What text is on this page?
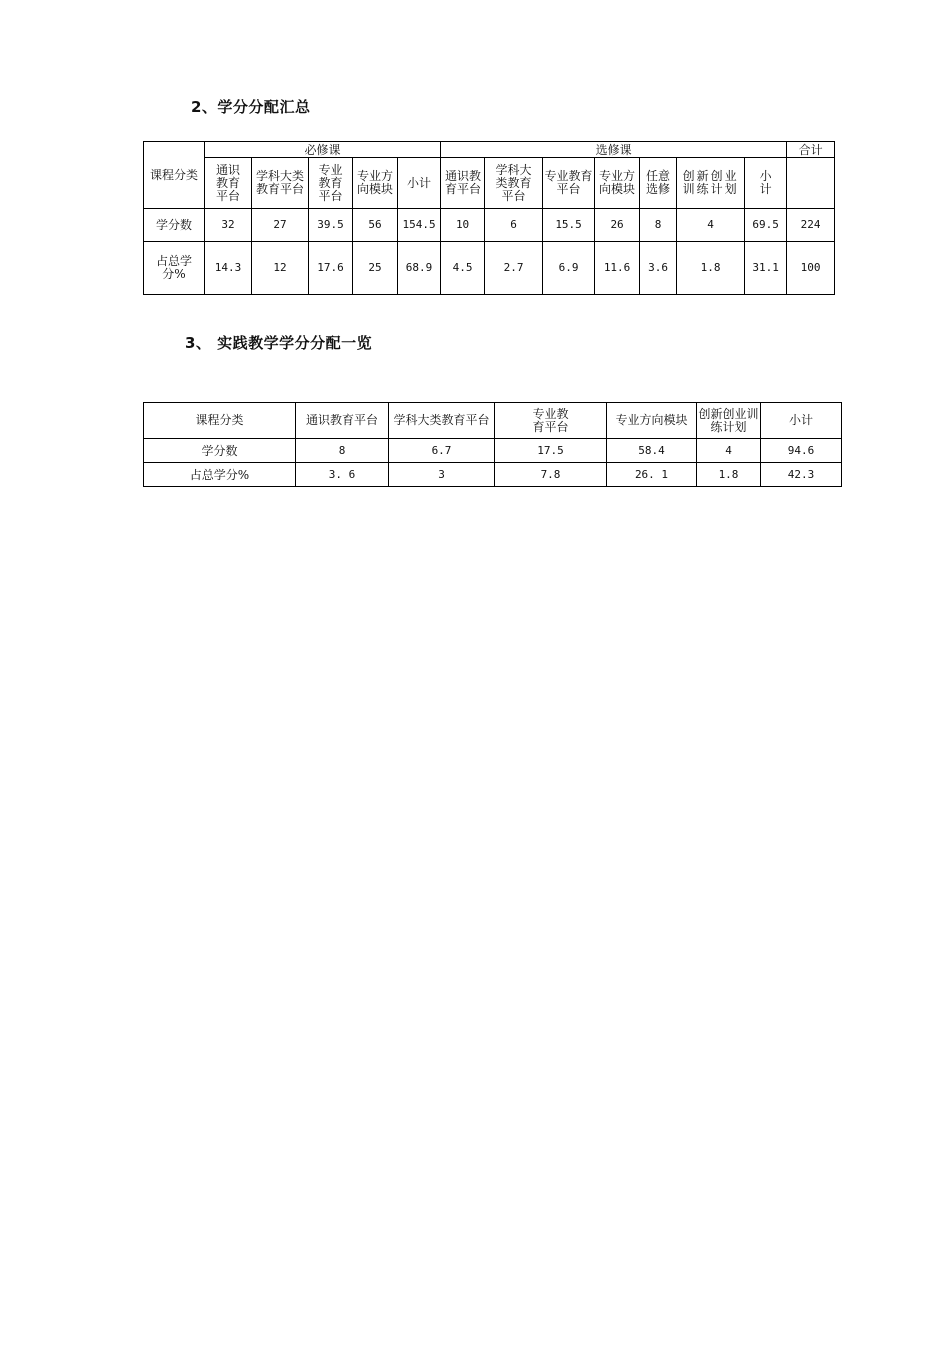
2、学分分配汇总
课程分类	必修课					选修课							合计
	通识教育平台	学科大类教育平台	专业教育平台	专业方向模块	小计	通识教育平台	学科大类教育平台	专业教育平台	专业方向模块	任意选修	创新创业训练计划	小计	
学分数	32	27	39.5	56	154.5	10	6	15.5	26	8	4	69.5	224
占总学分%	14.3	12	17.6	25	68.9	4.5	2.7	6.9	11.6	3.6	1.8	31.1	100
3、 实践教学学分分配一览
课程分类	通识教育平台	学科大类教育平台	专业教育平台	专业方向模块	创新创业训练计划	小计
学分数	8	6.7	17.5	58.4	4	94.6
占总学分%	3. 6	3	7.8	26. 1	1.8	42.3
